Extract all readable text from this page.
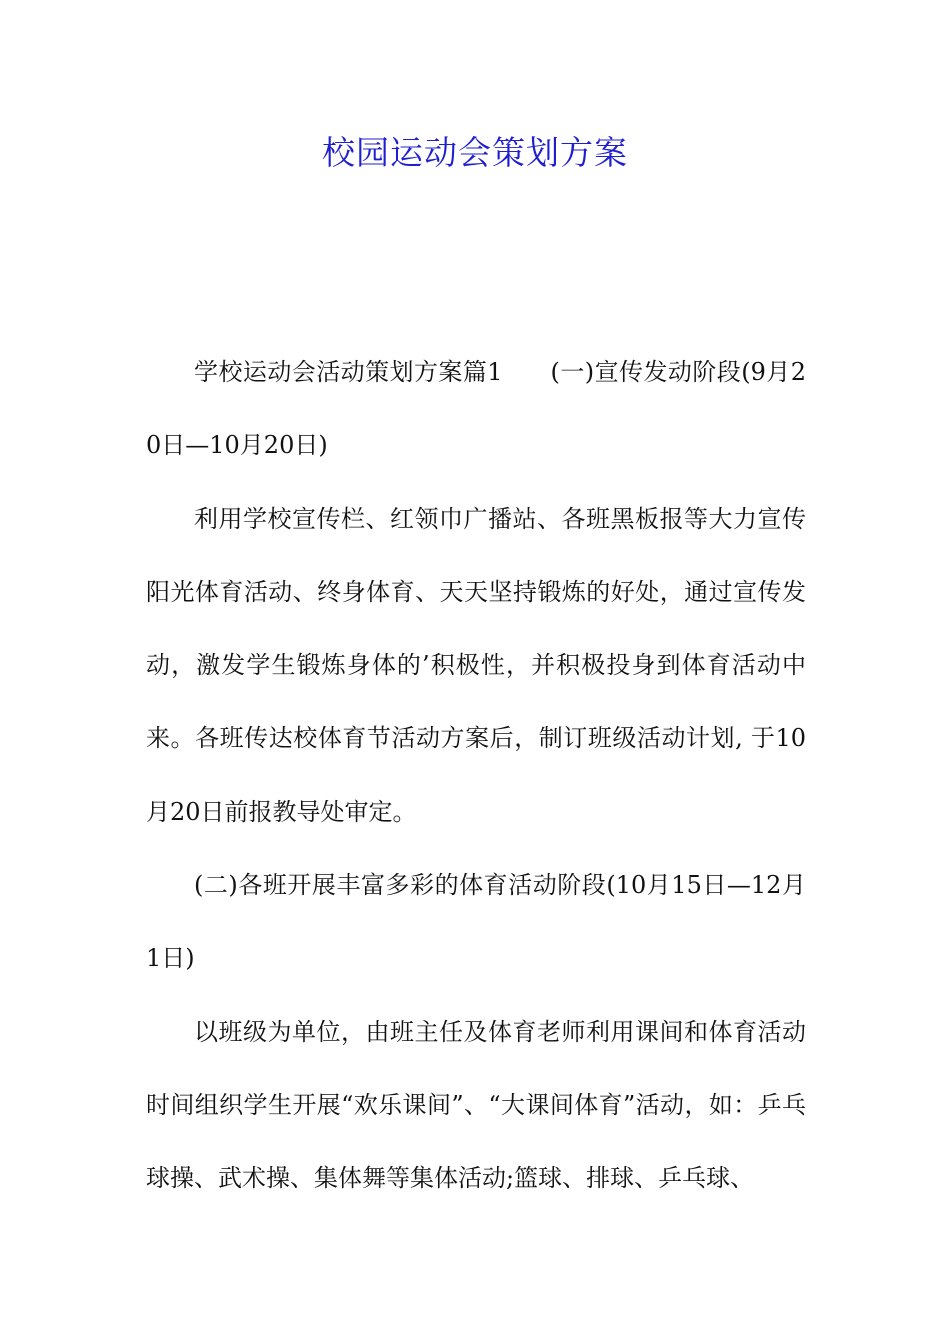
校园运动会策划方案

学校运动会活动策划方案篇1 (一)宣传发动阶段(9月20日—10月20日)

利用学校宣传栏、红领巾广播站、各班黑板报等大力宣传阳光体育活动、终身体育、天天坚持锻炼的好处，通过宣传发动，激发学生锻炼身体的’积极性，并积极投身到体育活动中来。各班传达校体育节活动方案后，制订班级活动计划, 于10月20日前报教导处审定。

(二)各班开展丰富多彩的体育活动阶段(10月15日—12月1日)

以班级为单位，由班主任及体育老师利用课间和体育活动时间组织学生开展“欢乐课间”、“大课间体育”活动，如：乒乓球操、武术操、集体舞等集体活动;篮球、排球、乒乓球、
